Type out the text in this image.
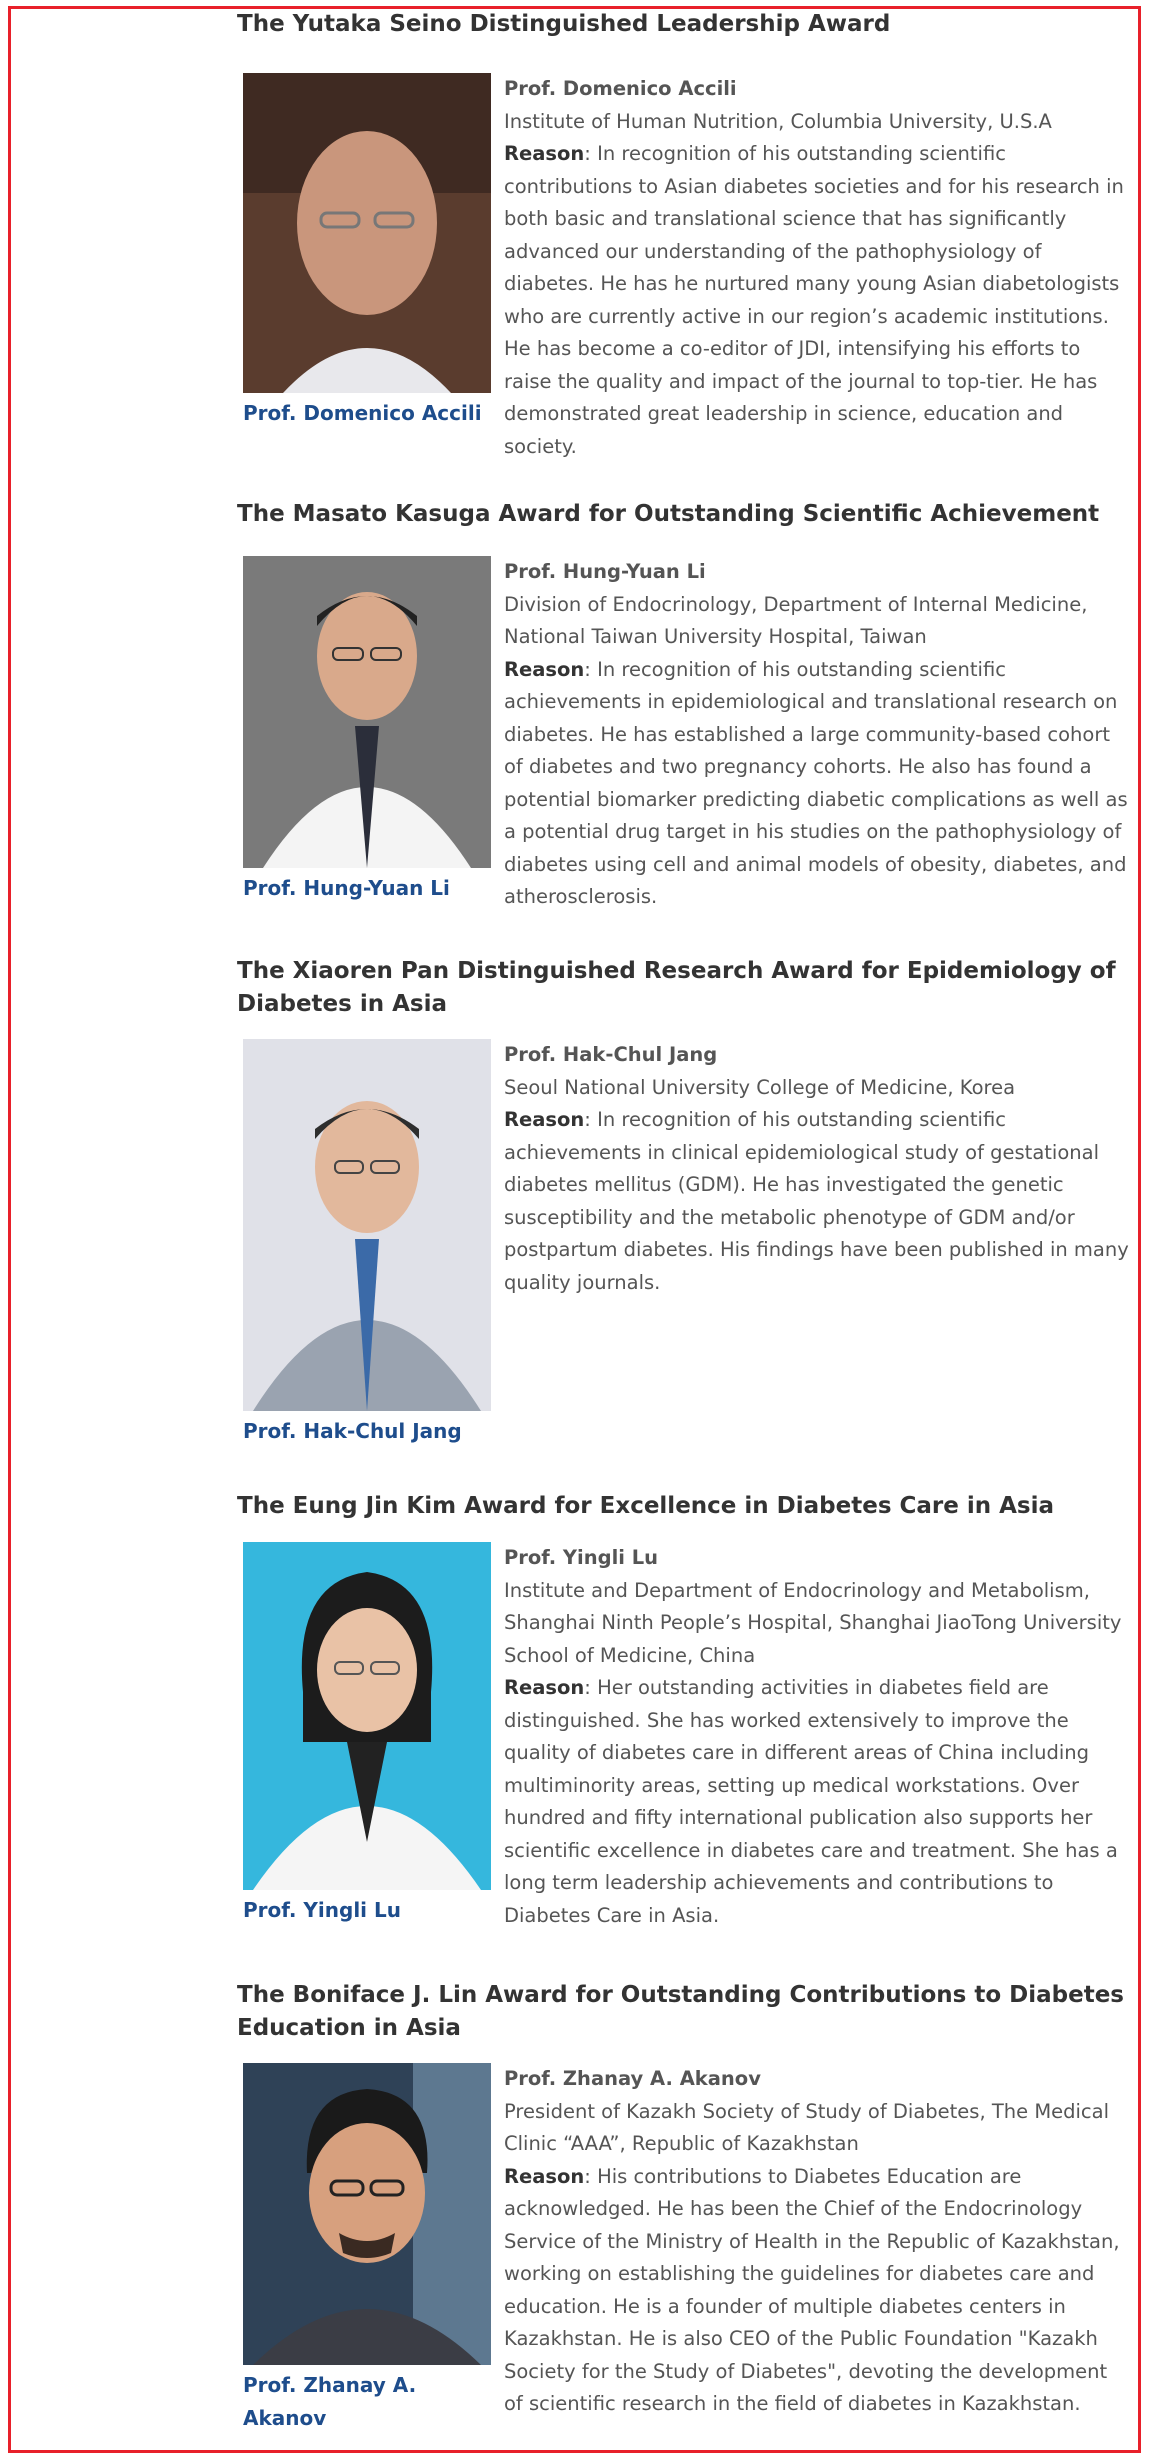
The Yutaka Seino Distinguished Leadership Award
Prof. Domenico Accili
Prof. Domenico Accili
Institute of Human Nutrition, Columbia University, U.S.A
Reason: In recognition of his outstanding scientific contributions to Asian diabetes societies and for his research in both basic and translational science that has significantly advanced our understanding of the pathophysiology of diabetes. He has he nurtured many young Asian diabetologists who are currently active in our region’s academic institutions. He has become a co-editor of JDI, intensifying his efforts to raise the quality and impact of the journal to top-tier. He has demonstrated great leadership in science, education and society.
The Masato Kasuga Award for Outstanding Scientific Achievement
Prof. Hung-Yuan Li
Prof. Hung-Yuan Li
Division of Endocrinology, Department of Internal Medicine, National Taiwan University Hospital, Taiwan
Reason: In recognition of his outstanding scientific achievements in epidemiological and translational research on diabetes. He has established a large community-based cohort of diabetes and two pregnancy cohorts. He also has found a potential biomarker predicting diabetic complications as well as a potential drug target in his studies on the pathophysiology of diabetes using cell and animal models of obesity, diabetes, and atherosclerosis.
The Xiaoren Pan Distinguished Research Award for Epidemiology of Diabetes in Asia
Prof. Hak-Chul Jang
Prof. Hak-Chul Jang
Seoul National University College of Medicine, Korea
Reason: In recognition of his outstanding scientific achievements in clinical epidemiological study of gestational diabetes mellitus (GDM). He has investigated the genetic susceptibility and the metabolic phenotype of GDM and/or postpartum diabetes. His findings have been published in many quality journals.
The Eung Jin Kim Award for Excellence in Diabetes Care in Asia
Prof. Yingli Lu
Prof. Yingli Lu
Institute and Department of Endocrinology and Metabolism, Shanghai Ninth People’s Hospital, Shanghai JiaoTong University School of Medicine, China
Reason: Her outstanding activities in diabetes field are distinguished. She has worked extensively to improve the quality of diabetes care in different areas of China including multiminority areas, setting up medical workstations. Over hundred and fifty international publication also supports her scientific excellence in diabetes care and treatment. She has a long term leadership achievements and contributions to Diabetes Care in Asia.
The Boniface J. Lin Award for Outstanding Contributions to Diabetes Education in Asia
Prof. Zhanay A. Akanov
Prof. Zhanay A. Akanov
President of Kazakh Society of Study of Diabetes, The Medical Clinic “AAA”, Republic of Kazakhstan
Reason: His contributions to Diabetes Education are acknowledged. He has been the Chief of the Endocrinology Service of the Ministry of Health in the Republic of Kazakhstan, working on establishing the guidelines for diabetes care and education. He is a founder of multiple diabetes centers in Kazakhstan. He is also CEO of the Public Foundation "Kazakh Society for the Study of Diabetes", devoting the development of scientific research in the field of diabetes in Kazakhstan.
